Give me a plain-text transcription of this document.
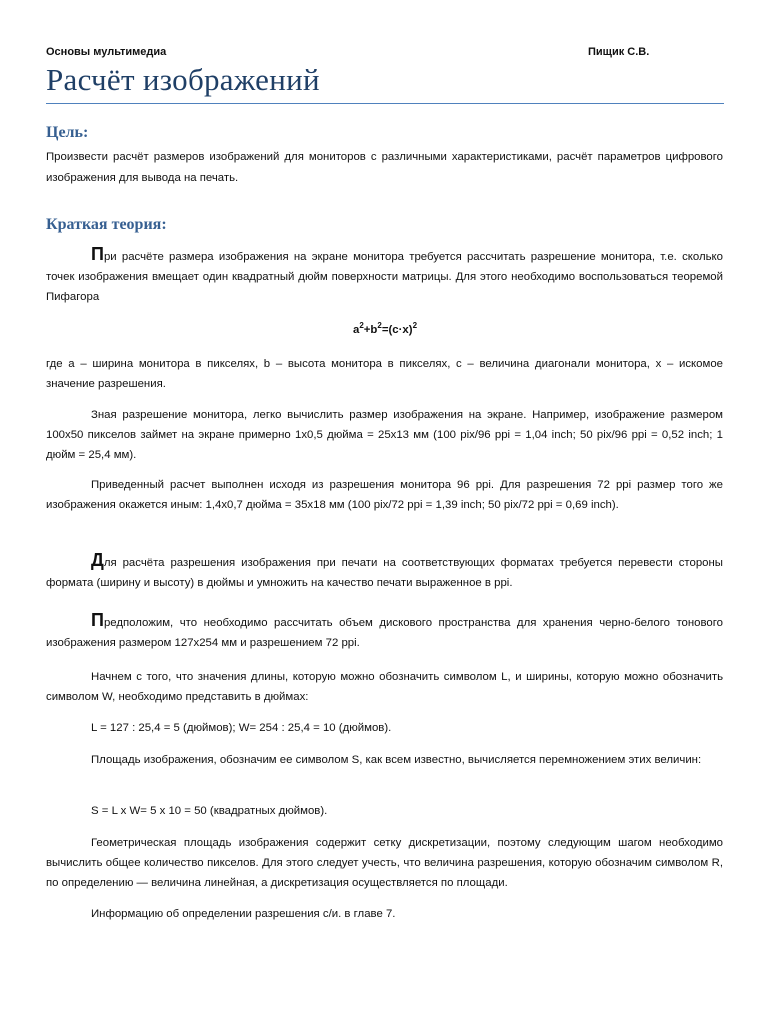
Основы мультимедиа	Пищик С.В.
Расчёт изображений
Цель:
Произвести расчёт размеров изображений для мониторов с различными характеристиками, расчёт параметров цифрового изображения для вывода на печать.
Краткая теория:
При расчёте размера изображения на экране монитора требуется рассчитать разрешение монитора, т.е. сколько точек изображения вмещает один квадратный дюйм поверхности матрицы. Для этого необходимо воспользоваться теоремой Пифагора
$a^2+b^2=(c\cdot x)^2$
где a – ширина монитора в пикселях, b – высота монитора в пикселях, c – величина диагонали монитора, x – искомое значение разрешения.
Зная разрешение монитора, легко вычислить размер изображения на экране. Например, изображение размером 100x50 пикселов займет на экране примерно 1x0,5 дюйма = 25x13 мм (100 pix/96 ppi = 1,04 inch; 50 pix/96 ppi = 0,52 inch; 1 дюйм = 25,4 мм).
Приведенный расчет выполнен исходя из разрешения монитора 96 ppi. Для разрешения 72 ppi размер того же изображения окажется иным: 1,4x0,7 дюйма = 35x18 мм (100 pix/72 ppi = 1,39 inch; 50 pix/72 ppi = 0,69 inch).
Для расчёта разрешения изображения при печати на соответствующих форматах требуется перевести стороны формата (ширину и высоту) в дюймы и умножить на качество печати выраженное в ppi.
Предположим, что необходимо рассчитать объем дискового пространства для хранения черно-белого тонового изображения размером 127x254 мм и разрешением 72 ppi.
Начнем с того, что значения длины, которую можно обозначить символом L, и ширины, которую можно обозначить символом W, необходимо представить в дюймах:
L = 127 : 25,4 = 5 (дюймов); W= 254 : 25,4 = 10 (дюймов).
Площадь изображения, обозначим ее символом S, как всем известно, вычисляется перемножением этих величин:
S = L x W= 5 x 10 = 50 (квадратных дюймов).
Геометрическая площадь изображения содержит сетку дискретизации, поэтому следующим шагом необходимо вычислить общее количество пикселов. Для этого следует учесть, что величина разрешения, которую обозначим символом R, по определению — величина линейная, а дискретизация осуществляется по площади.
Информацию об определении разрешения с/и. в главе 7.
